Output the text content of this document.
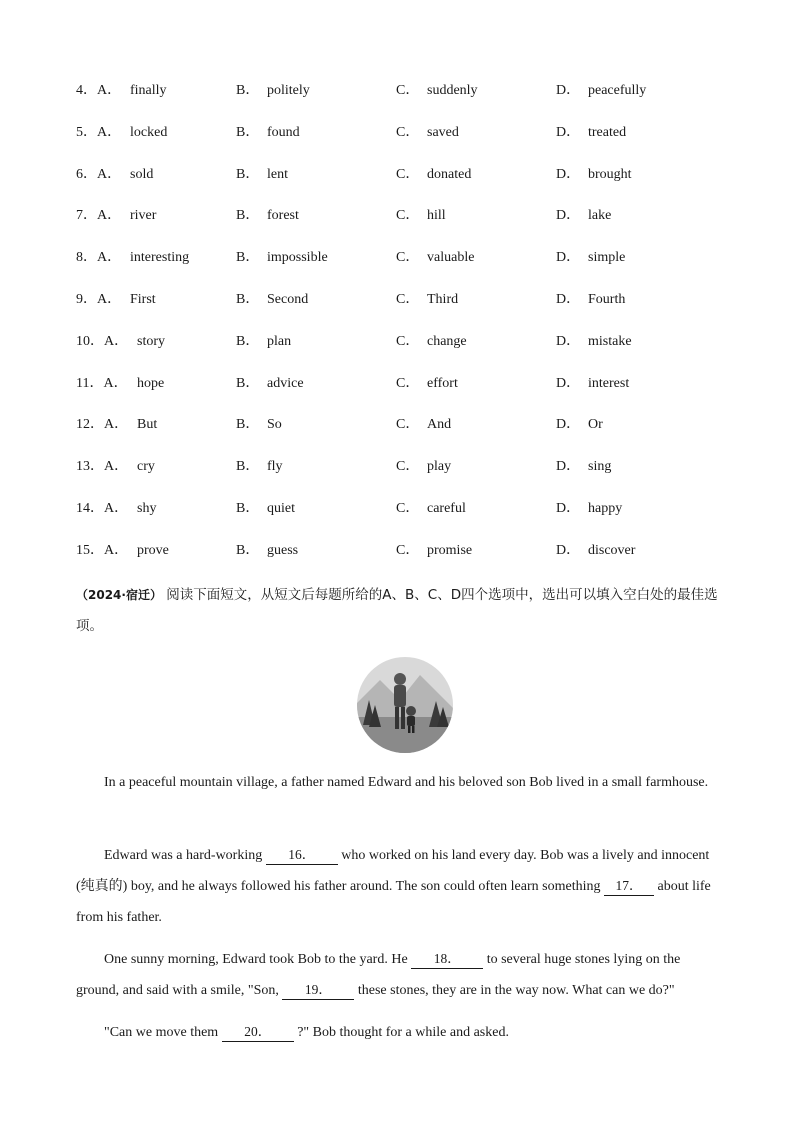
4．A． finally	B． politely	C． suddenly	D． peacefully
5．A． locked	B． found	C． saved	D． treated
6．A． sold	B． lent	C． donated	D． brought
7．A． river	B． forest	C． hill	D． lake
8．A． interesting	B． impossible	C． valuable	D． simple
9．A． First	B． Second	C． Third	D． Fourth
10．A． story	B． plan	C． change	D． mistake
11．A． hope	B． advice	C． effort	D． interest
12．A． But	B． So	C． And	D． Or
13．A． cry	B． fly	C． play	D． sing
14．A． shy	B． quiet	C． careful	D． happy
15．A． prove	B． guess	C． promise	D． discover
（2024·宿迁） 阅读下面短文，从短文后每题所给的A、B、C、D四个选项中，选出可以填入空白处的最佳选项。
In a peaceful mountain village, a father named Edward and his beloved son Bob lived in a small farmhouse.
Edward was a hard-working 16． who worked on his land every day. Bob was a lively and innocent (纯真的) boy, and he always followed his father around. The son could often learn something 17． about life from his father.
One sunny morning, Edward took Bob to the yard. He 18． to several huge stones lying on the ground, and said with a smile, "Son, 19． these stones, they are in the way now. What can we do?"
"Can we move them 20． ?" Bob thought for a while and asked.
